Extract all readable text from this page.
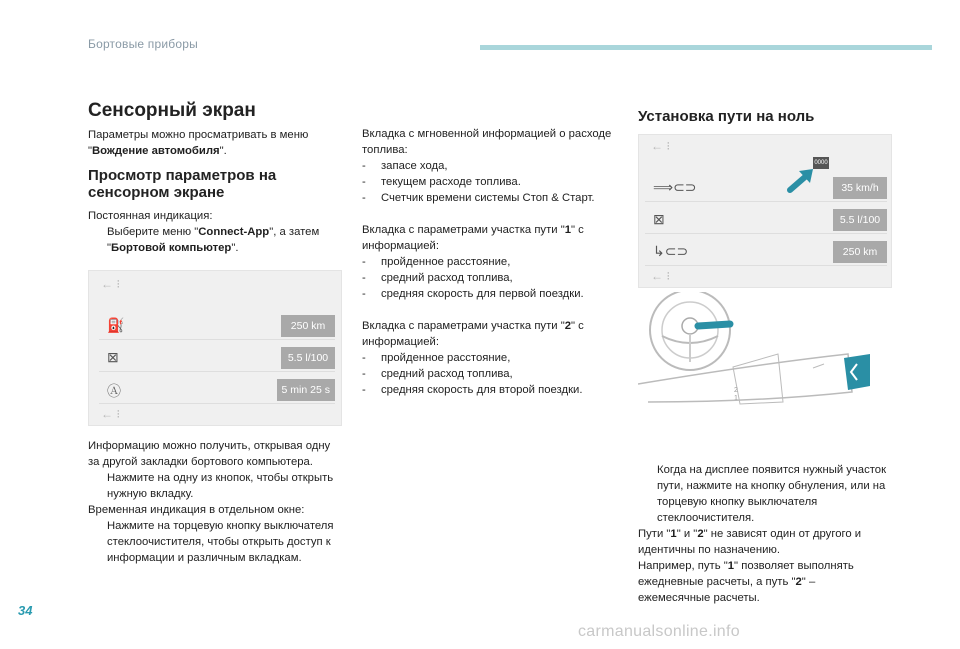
Бортовые приборы
Сенсорный экран

Параметры можно просматривать в меню "Вождение автомобиля".

Просмотр параметров на сенсорном экране

Постоянная индикация:

Выберите меню "Connect-App", а затем "Бортовой компьютер".
← ⁝
⛽	250 km
⊠	5.5 l/100
Ⓐ	5 min 25 s
← ⁝

Информацию можно получить, открывая одну за другой закладки бортового компьютера.

Нажмите на одну из кнопок, чтобы открыть нужную вкладку.

Временная индикация в отдельном окне:

Нажмите на торцевую кнопку выключателя стеклоочистителя, чтобы открыть доступ к информации и различным вкладкам.

Вкладка с мгновенной информацией о расходе топлива:

-	запасе хода,
-	текущем расходе топлива.
-	Счетчик времени системы Стоп & Старт.

Вкладка с параметрами участка пути "1" с информацией:

-	пройденное расстояние,
-	средний расход топлива,
-	средняя скорость для первой поездки.

Вкладка с параметрами участка пути "2" с информацией:

-	пройденное расстояние,
-	средний расход топлива,
-	средняя скорость для второй поездки.
Установка пути на ноль
← ⁝
0000
⟹⊂⊃	35 km/h
⊠	5.5 l/100
↳⊂⊃	250 km
← ⁝
2
1
Когда на дисплее появится нужный участок пути, нажмите на кнопку обнуления, или на торцевую кнопку выключателя стеклоочистителя.

Пути "1" и "2" не зависят один от другого и идентичны по назначению.

Например, путь "1" позволяет выполнять ежедневные расчеты, а путь "2" – ежемесячные расчеты.

34
carmanualsonline.info
